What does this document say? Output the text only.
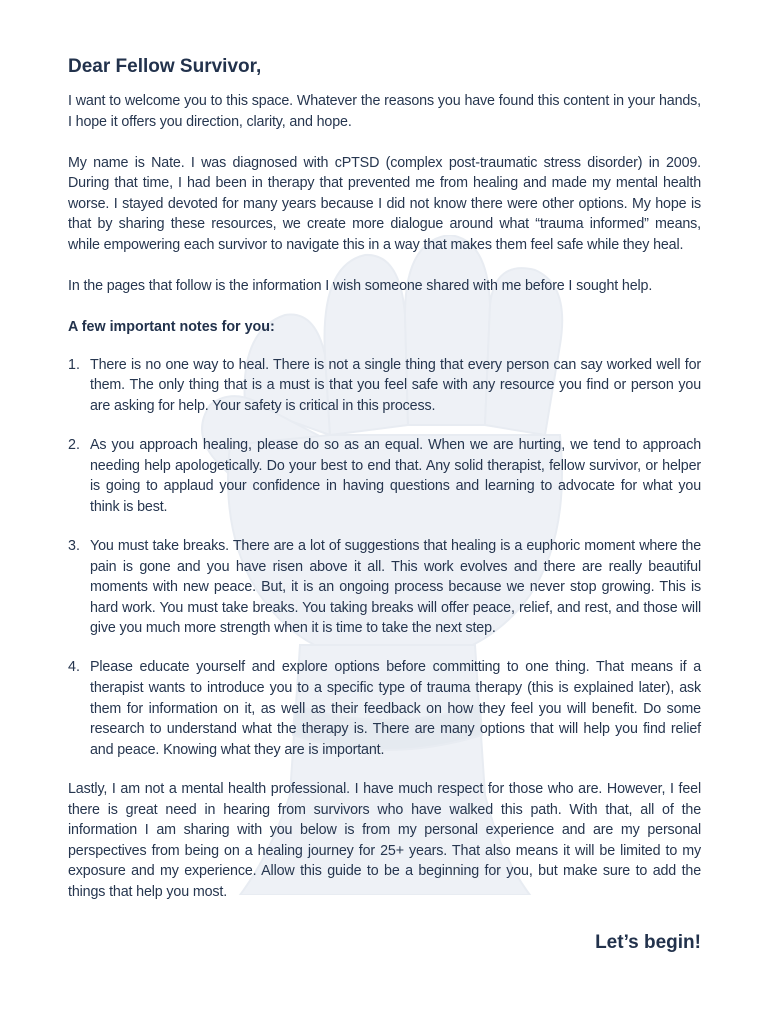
Dear Fellow Survivor,

I want to welcome you to this space. Whatever the reasons you have found this content in your hands, I hope it offers you direction, clarity, and hope.

My name is Nate. I was diagnosed with cPTSD (complex post-traumatic stress disorder) in 2009. During that time, I had been in therapy that prevented me from healing and made my mental health worse. I stayed devoted for many years because I did not know there were other options. My hope is that by sharing these resources, we create more dialogue around what “trauma informed” means, while empowering each survivor to navigate this in a way that makes them feel safe while they heal.

In the pages that follow is the information I wish someone shared with me before I sought help.

A few important notes for you:
1. There is no one way to heal. There is not a single thing that every person can say worked well for them. The only thing that is a must is that you feel safe with any resource you find or person you are asking for help. Your safety is critical in this process.
2. As you approach healing, please do so as an equal. When we are hurting, we tend to approach needing help apologetically. Do your best to end that. Any solid therapist, fellow survivor, or helper is going to applaud your confidence in having questions and learning to advocate for what you think is best.
3. You must take breaks. There are a lot of suggestions that healing is a euphoric moment where the pain is gone and you have risen above it all. This work evolves and there are really beautiful moments with new peace. But, it is an ongoing process because we never stop growing. This is hard work. You must take breaks. You taking breaks will offer peace, relief, and rest, and those will give you much more strength when it is time to take the next step.
4. Please educate yourself and explore options before committing to one thing. That means if a therapist wants to introduce you to a specific type of trauma therapy (this is explained later), ask them for information on it, as well as their feedback on how they feel you will benefit. Do some research to understand what the therapy is. There are many options that will help you find relief and peace. Knowing what they are is important.

Lastly, I am not a mental health professional. I have much respect for those who are. However, I feel there is great need in hearing from survivors who have walked this path. With that, all of the information I am sharing with you below is from my personal experience and are my personal perspectives from being on a healing journey for 25+ years. That also means it will be limited to my exposure and my experience. Allow this guide to be a beginning for you, but make sure to add the things that help you most.

Let’s begin!
